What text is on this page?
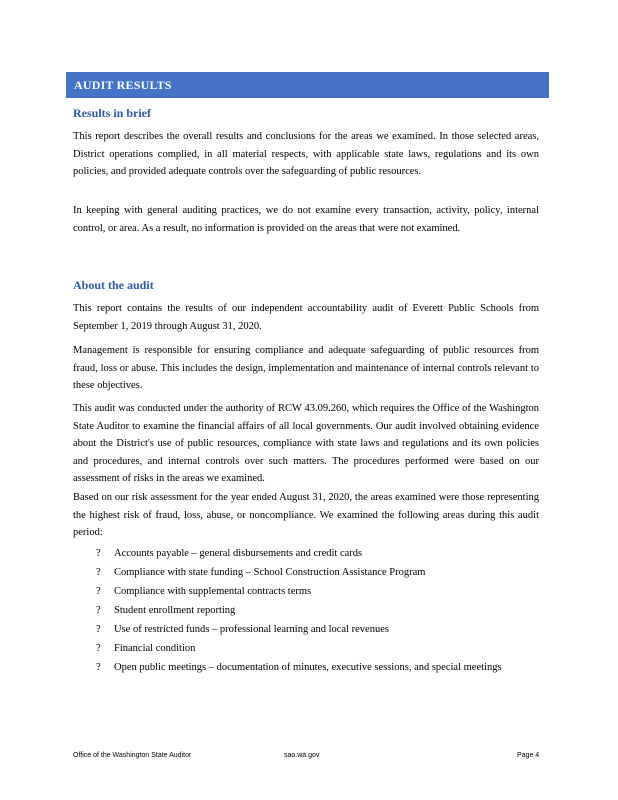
AUDIT RESULTS
Results in brief

This report describes the overall results and conclusions for the areas we examined. In those selected areas, District operations complied, in all material respects, with applicable state laws, regulations and its own policies, and provided adequate controls over the safeguarding of public resources.

In keeping with general auditing practices, we do not examine every transaction, activity, policy, internal control, or area. As a result, no information is provided on the areas that were not examined.

About the audit

This report contains the results of our independent accountability audit of Everett Public Schools from September 1, 2019 through August 31, 2020.

Management is responsible for ensuring compliance and adequate safeguarding of public resources from fraud, loss or abuse. This includes the design, implementation and maintenance of internal controls relevant to these objectives.

This audit was conducted under the authority of RCW 43.09.260, which requires the Office of the Washington State Auditor to examine the financial affairs of all local governments. Our audit involved obtaining evidence about the District's use of public resources, compliance with state laws and regulations and its own policies and procedures, and internal controls over such matters. The procedures performed were based on our assessment of risks in the areas we examined.

Based on our risk assessment for the year ended August 31, 2020, the areas examined were those representing the highest risk of fraud, loss, abuse, or noncompliance. We examined the following areas during this audit period:

? Accounts payable – general disbursements and credit cards
? Compliance with state funding – School Construction Assistance Program
? Compliance with supplemental contracts terms
? Student enrollment reporting
? Use of restricted funds – professional learning and local revenues
? Financial condition
? Open public meetings – documentation of minutes, executive sessions, and special meetings
Office of the Washington State Auditor	sao.wa.gov	Page 4
